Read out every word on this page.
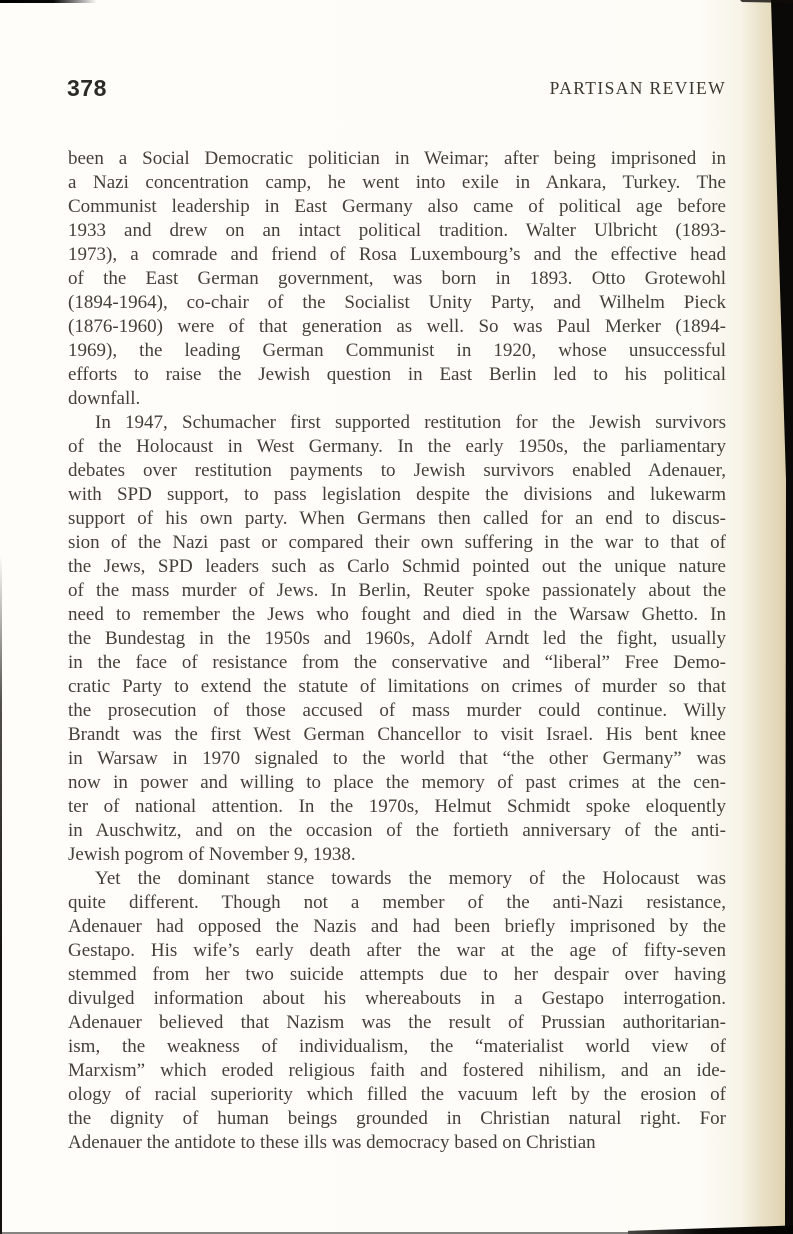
378	PARTISAN REVIEW
been a Social Democratic politician in Weimar; after being imprisoned in
a Nazi concentration camp, he went into exile in Ankara, Turkey. The
Communist leadership in East Germany also came of political age before
1933 and drew on an intact political tradition. Walter Ulbricht (1893-
1973), a comrade and friend of Rosa Luxembourg’s and the effective head
of the East German government, was born in 1893. Otto Grotewohl
(1894-1964), co-chair of the Socialist Unity Party, and Wilhelm Pieck
(1876-1960) were of that generation as well. So was Paul Merker (1894-
1969), the leading German Communist in 1920, whose unsuccessful
efforts to raise the Jewish question in East Berlin led to his political
downfall.
In 1947, Schumacher first supported restitution for the Jewish survivors
of the Holocaust in West Germany. In the early 1950s, the parliamentary
debates over restitution payments to Jewish survivors enabled Adenauer,
with SPD support, to pass legislation despite the divisions and lukewarm
support of his own party. When Germans then called for an end to discus-
sion of the Nazi past or compared their own suffering in the war to that of
the Jews, SPD leaders such as Carlo Schmid pointed out the unique nature
of the mass murder of Jews. In Berlin, Reuter spoke passionately about the
need to remember the Jews who fought and died in the Warsaw Ghetto. In
the Bundestag in the 1950s and 1960s, Adolf Arndt led the fight, usually
in the face of resistance from the conservative and “liberal” Free Demo-
cratic Party to extend the statute of limitations on crimes of murder so that
the prosecution of those accused of mass murder could continue. Willy
Brandt was the first West German Chancellor to visit Israel. His bent knee
in Warsaw in 1970 signaled to the world that “the other Germany” was
now in power and willing to place the memory of past crimes at the cen-
ter of national attention. In the 1970s, Helmut Schmidt spoke eloquently
in Auschwitz, and on the occasion of the fortieth anniversary of the anti-
Jewish pogrom of November 9, 1938.
Yet the dominant stance towards the memory of the Holocaust was
quite different. Though not a member of the anti-Nazi resistance,
Adenauer had opposed the Nazis and had been briefly imprisoned by the
Gestapo. His wife’s early death after the war at the age of fifty-seven
stemmed from her two suicide attempts due to her despair over having
divulged information about his whereabouts in a Gestapo interrogation.
Adenauer believed that Nazism was the result of Prussian authoritarian-
ism, the weakness of individualism, the “materialist world view of
Marxism” which eroded religious faith and fostered nihilism, and an ide-
ology of racial superiority which filled the vacuum left by the erosion of
the dignity of human beings grounded in Christian natural right. For
Adenauer the antidote to these ills was democracy based on Christian
